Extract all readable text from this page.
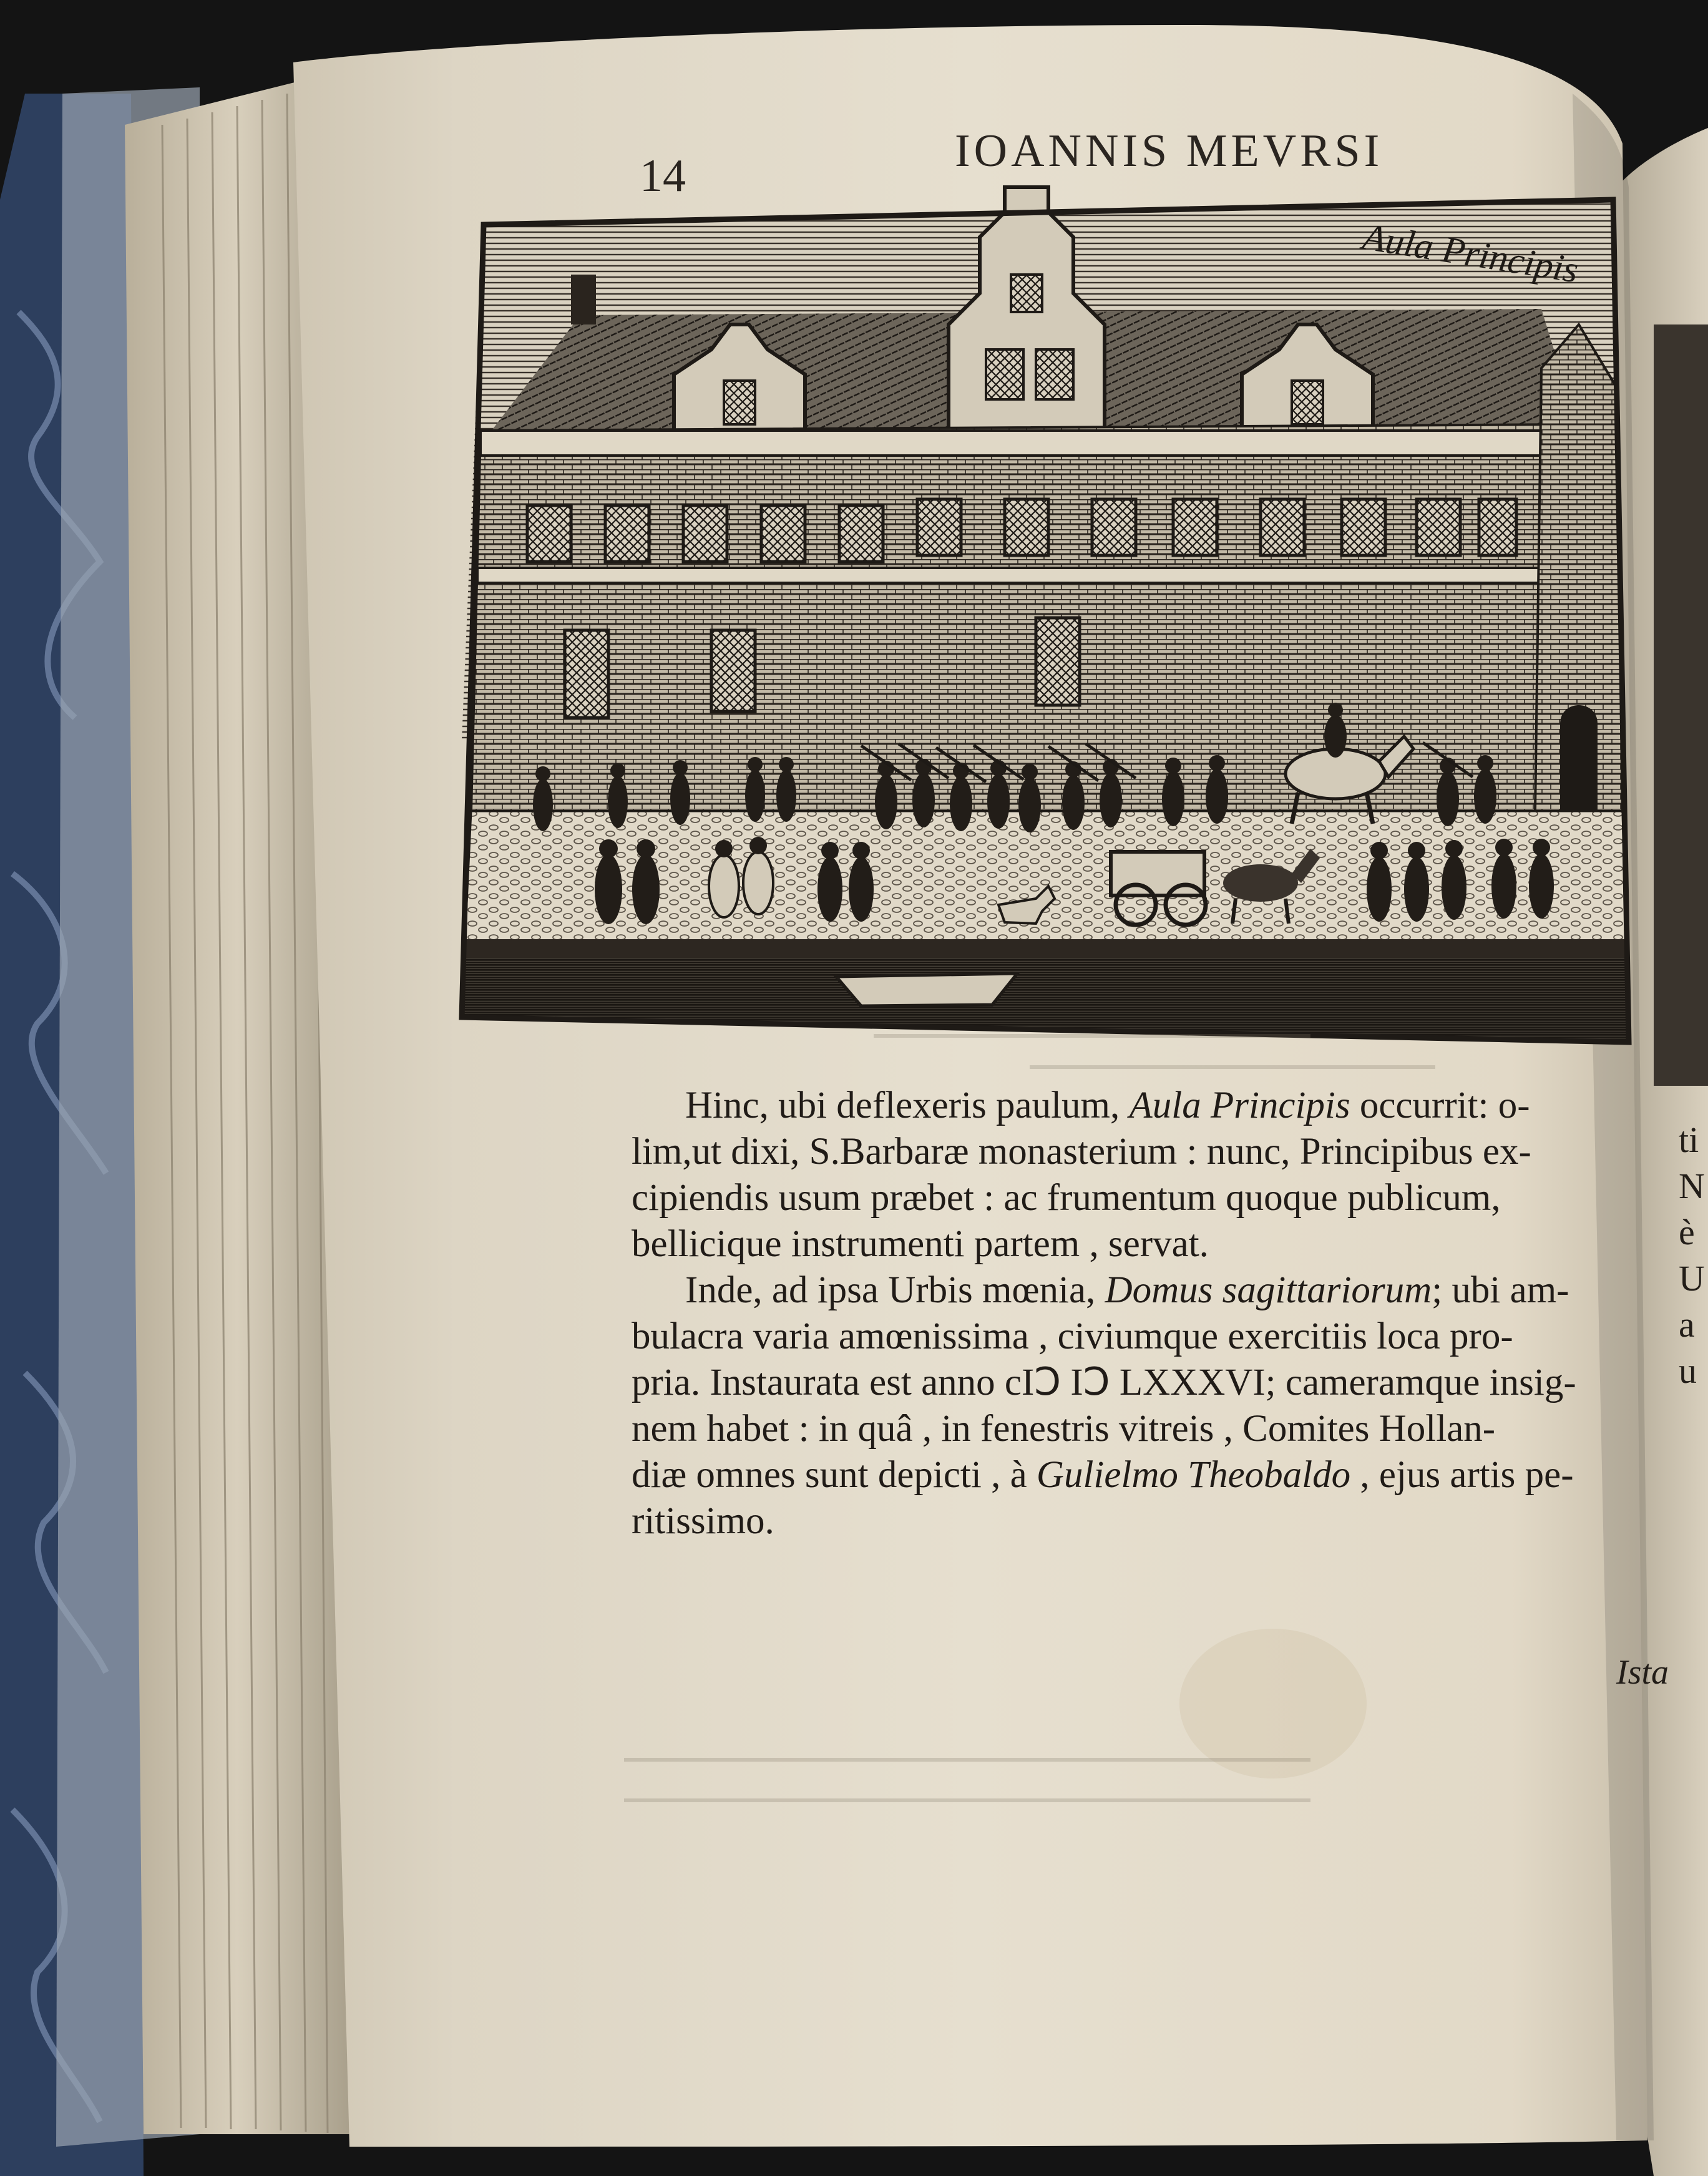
14	IOANNIS MEVRSI
Aula Principis
Hinc, ubi deflexeris paulum, Aula Principis occurrit: o-
lim,ut dixi, S.Barbaræ monasterium : nunc, Principibus ex-
cipiendis usum præbet : ac frumentum quoque publicum,
bellicique instrumenti partem , servat.
Inde, ad ipsa Urbis mœnia, Domus sagittariorum; ubi am-
bulacra varia amœnissima , civiumque exercitiis loca pro-
pria. Instaurata est anno cIↃ IↃ LXXXVI; cameramque insig-
nem habet : in quâ , in fenestris vitreis , Comites Hollan-
diæ omnes sunt depicti , à Gulielmo Theobaldo , ejus artis pe-
ritissimo.
ti
N
è
U
a
u
Ista
